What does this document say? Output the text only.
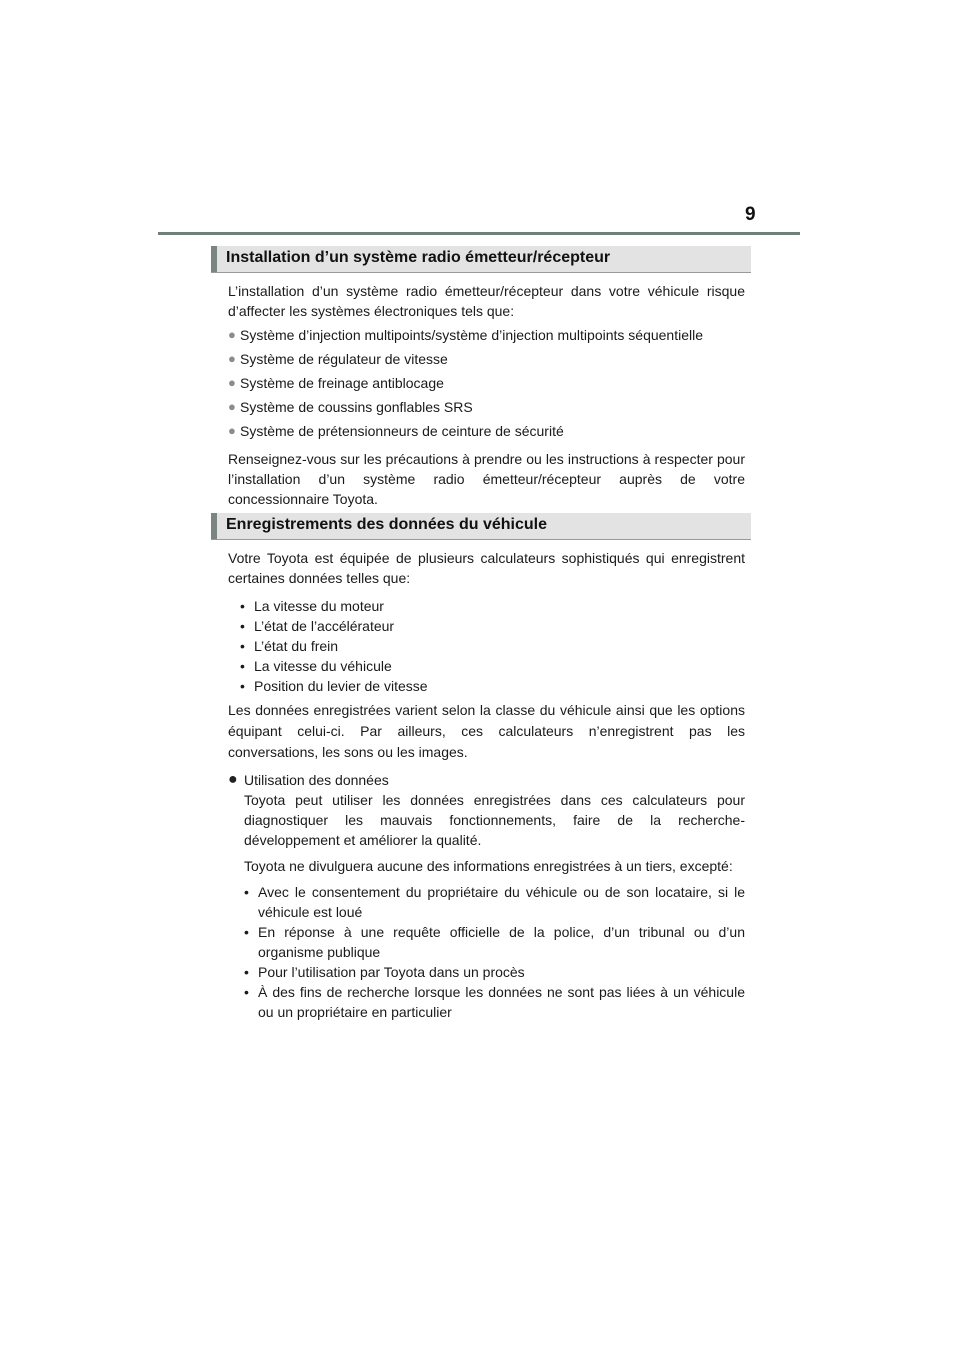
9
Installation d’un système radio émetteur/récepteur

L’installation d’un système radio émetteur/récepteur dans votre véhicule risque d’affecter les systèmes électroniques tels que:

● Système d’injection multipoints/système d’injection multipoints séquentielle
● Système de régulateur de vitesse
● Système de freinage antiblocage
● Système de coussins gonflables SRS
● Système de prétensionneurs de ceinture de sécurité

Renseignez-vous sur les précautions à prendre ou les instructions à respecter pour l’installation d’un système radio émetteur/récepteur auprès de votre concessionnaire Toyota.

Enregistrements des données du véhicule

Votre Toyota est équipée de plusieurs calculateurs sophistiqués qui enregistrent certaines données telles que:

• La vitesse du moteur
• L’état de l’accélérateur
• L’état du frein
• La vitesse du véhicule
• Position du levier de vitesse

Les données enregistrées varient selon la classe du véhicule ainsi que les options équipant celui-ci. Par ailleurs, ces calculateurs n’enregistrent pas les conversations, les sons ou les images.

● Utilisation des données

Toyota peut utiliser les données enregistrées dans ces calculateurs pour diagnostiquer les mauvais fonctionnements, faire de la recherche-développement et améliorer la qualité.

Toyota ne divulguera aucune des informations enregistrées à un tiers, excepté:

• Avec le consentement du propriétaire du véhicule ou de son locataire, si le véhicule est loué
• En réponse à une requête officielle de la police, d’un tribunal ou d’un organisme publique
• Pour l’utilisation par Toyota dans un procès
• À des fins de recherche lorsque les données ne sont pas liées à un véhicule ou un propriétaire en particulier
